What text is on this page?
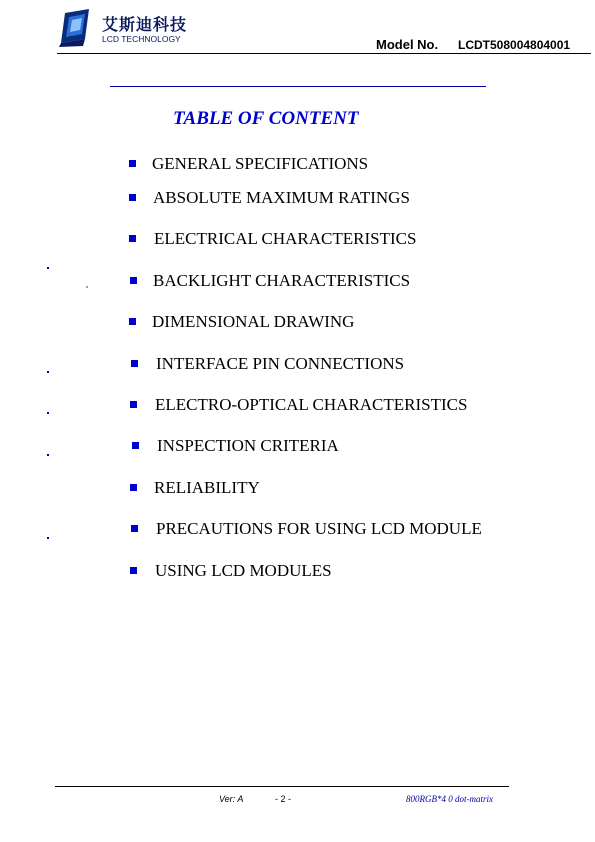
艾斯迪科技
LCD TECHNOLOGY	Model No. LCDT508004804001
TABLE OF CONTENT
GENERAL SPECIFICATIONS
ABSOLUTE MAXIMUM RATINGS
ELECTRICAL CHARACTERISTICS
BACKLIGHT CHARACTERISTICS
DIMENSIONAL DRAWING
INTERFACE PIN CONNECTIONS
ELECTRO-OPTICAL CHARACTERISTICS
INSPECTION CRITERIA
RELIABILITY
PRECAUTIONS FOR USING LCD MODULE
USING LCD MODULES
Ver: A	- 2 -	800RGB*4 0 dot-matrix
